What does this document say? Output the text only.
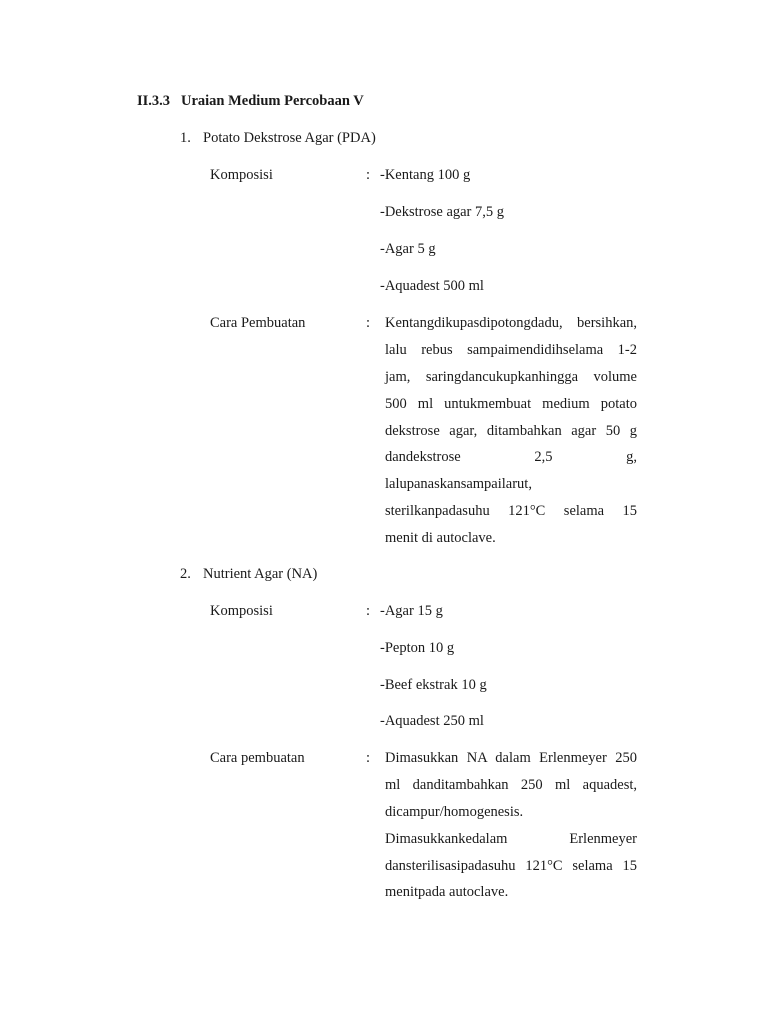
II.3.3 Uraian Medium Percobaan V
1. Potato Dekstrose Agar (PDA)
Komposisi	: -Kentang 100 g
-Dekstrose agar 7,5 g
-Agar 5 g
-Aquadest 500 ml
Cara Pembuatan	: Kentangdikupasdipotongdadu, bersihkan,
lalu rebus sampaimendidihselama 1-2
jam, saringdancukupkanhingga volume
500 ml untukmembuat medium potato
dekstrose agar, ditambahkan agar 50 g
dandekstrose 2,5 g,
lalupanaskansampailarut,
sterilkanpadasuhu 121°C selama 15
menit di autoclave.
2. Nutrient Agar (NA)
Komposisi	: -Agar 15 g
-Pepton 10 g
-Beef ekstrak 10 g
-Aquadest 250 ml
Cara pembuatan	: Dimasukkan NA dalam Erlenmeyer 250
ml danditambahkan 250 ml aquadest,
dicampur/homogenesis.
Dimasukkankedalam Erlenmeyer
dansterilisasipadasuhu 121°C selama 15
menitpada autoclave.
